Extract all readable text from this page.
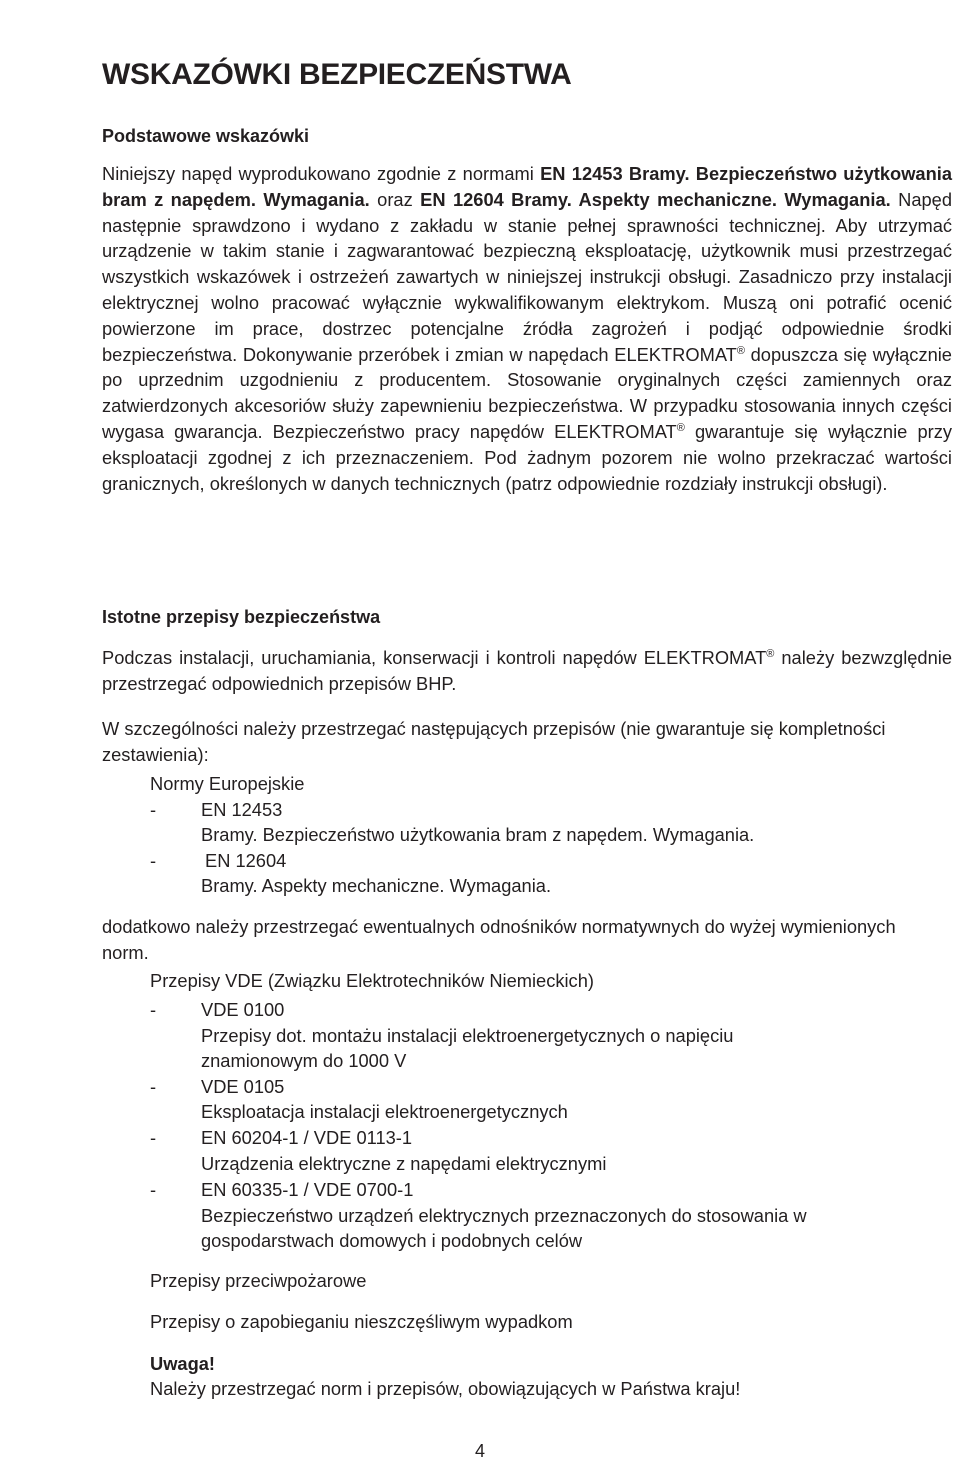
WSKAZÓWKI BEZPIECZEŃSTWA
Podstawowe wskazówki

Niniejszy napęd wyprodukowano zgodnie z normami EN 12453 Bramy. Bezpieczeństwo użytkowania bram z napędem. Wymagania. oraz EN 12604 Bramy. Aspekty mechaniczne. Wymagania. Napęd następnie sprawdzono i wydano z zakładu w stanie pełnej sprawności technicznej. Aby utrzymać urządzenie w takim stanie i zagwarantować bezpieczną eksploatację, użytkownik musi przestrzegać wszystkich wskazówek i ostrzeżeń zawartych w niniejszej instrukcji obsługi. Zasadniczo przy instalacji elektrycznej wolno pracować wyłącznie wykwalifikowanym elektrykom. Muszą oni potrafić ocenić powierzone im prace, dostrzec potencjalne źródła zagrożeń i podjąć odpowiednie środki bezpieczeństwa. Dokonywanie przeróbek i zmian w napędach ELEKTROMAT® dopuszcza się wyłącznie po uprzednim uzgodnieniu z producentem. Stosowanie oryginalnych części zamiennych oraz zatwierdzonych akcesoriów służy zapewnieniu bezpieczeństwa. W przypadku stosowania innych części wygasa gwarancja. Bezpieczeństwo pracy napędów ELEKTROMAT® gwarantuje się wyłącznie przy eksploatacji zgodnej z ich przeznaczeniem. Pod żadnym pozorem nie wolno przekraczać wartości granicznych, określonych w danych technicznych (patrz odpowiednie rozdziały instrukcji obsługi).

Istotne przepisy bezpieczeństwa

Podczas instalacji, uruchamiania, konserwacji i kontroli napędów ELEKTROMAT® należy bezwzględnie przestrzegać odpowiednich przepisów BHP.

W szczególności należy przestrzegać następujących przepisów (nie gwarantuje się kompletności zestawienia):

Normy Europejskie

- EN 12453

Bramy. Bezpieczeństwo użytkowania bram z napędem. Wymagania.

-	EN 12604

Bramy. Aspekty mechaniczne. Wymagania.

dodatkowo należy przestrzegać ewentualnych odnośników normatywnych do wyżej wymienionych norm.

Przepisy VDE (Związku Elektrotechników Niemieckich)

- VDE 0100

Przepisy dot. montażu instalacji elektroenergetycznych o napięciu

znamionowym do 1000 V

- VDE 0105

Eksploatacja instalacji elektroenergetycznych

- EN 60204-1 / VDE 0113-1

Urządzenia elektryczne z napędami elektrycznymi

- EN 60335-1 / VDE 0700-1

Bezpieczeństwo urządzeń elektrycznych przeznaczonych do stosowania w

gospodarstwach domowych i podobnych celów

Przepisy przeciwpożarowe

Przepisy o zapobieganiu nieszczęśliwym wypadkom

Uwaga!

Należy przestrzegać norm i przepisów, obowiązujących w Państwa kraju!

4
